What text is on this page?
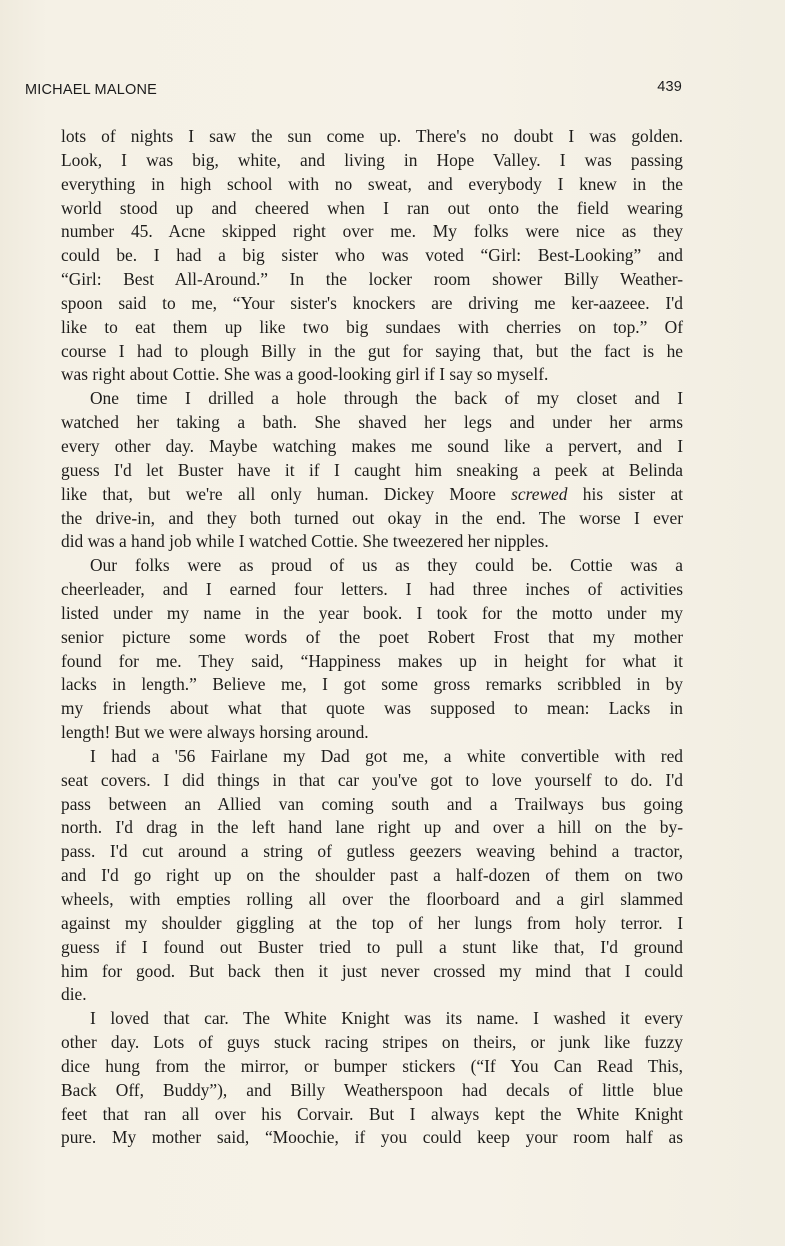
MICHAEL MALONE	439

lots of nights I saw the sun come up. There's no doubt I was golden.
Look, I was big, white, and living in Hope Valley. I was passing
everything in high school with no sweat, and everybody I knew in the
world stood up and cheered when I ran out onto the field wearing
number 45. Acne skipped right over me. My folks were nice as they
could be. I had a big sister who was voted “Girl: Best-Looking” and
“Girl: Best All-Around.” In the locker room shower Billy Weather-
spoon said to me, “Your sister's knockers are driving me ker-aazeee. I'd
like to eat them up like two big sundaes with cherries on top.” Of
course I had to plough Billy in the gut for saying that, but the fact is he
was right about Cottie. She was a good-looking girl if I say so myself.

One time I drilled a hole through the back of my closet and I
watched her taking a bath. She shaved her legs and under her arms
every other day. Maybe watching makes me sound like a pervert, and I
guess I'd let Buster have it if I caught him sneaking a peek at Belinda
like that, but we're all only human. Dickey Moore screwed his sister at
the drive-in, and they both turned out okay in the end. The worse I ever
did was a hand job while I watched Cottie. She tweezered her nipples.

Our folks were as proud of us as they could be. Cottie was a
cheerleader, and I earned four letters. I had three inches of activities
listed under my name in the year book. I took for the motto under my
senior picture some words of the poet Robert Frost that my mother
found for me. They said, “Happiness makes up in height for what it
lacks in length.” Believe me, I got some gross remarks scribbled in by
my friends about what that quote was supposed to mean: Lacks in
length! But we were always horsing around.

I had a '56 Fairlane my Dad got me, a white convertible with red
seat covers. I did things in that car you've got to love yourself to do. I'd
pass between an Allied van coming south and a Trailways bus going
north. I'd drag in the left hand lane right up and over a hill on the by-
pass. I'd cut around a string of gutless geezers weaving behind a tractor,
and I'd go right up on the shoulder past a half-dozen of them on two
wheels, with empties rolling all over the floorboard and a girl slammed
against my shoulder giggling at the top of her lungs from holy terror. I
guess if I found out Buster tried to pull a stunt like that, I'd ground
him for good. But back then it just never crossed my mind that I could
die.

I loved that car. The White Knight was its name. I washed it every
other day. Lots of guys stuck racing stripes on theirs, or junk like fuzzy
dice hung from the mirror, or bumper stickers (“If You Can Read This,
Back Off, Buddy”), and Billy Weatherspoon had decals of little blue
feet that ran all over his Corvair. But I always kept the White Knight
pure. My mother said, “Moochie, if you could keep your room half as
